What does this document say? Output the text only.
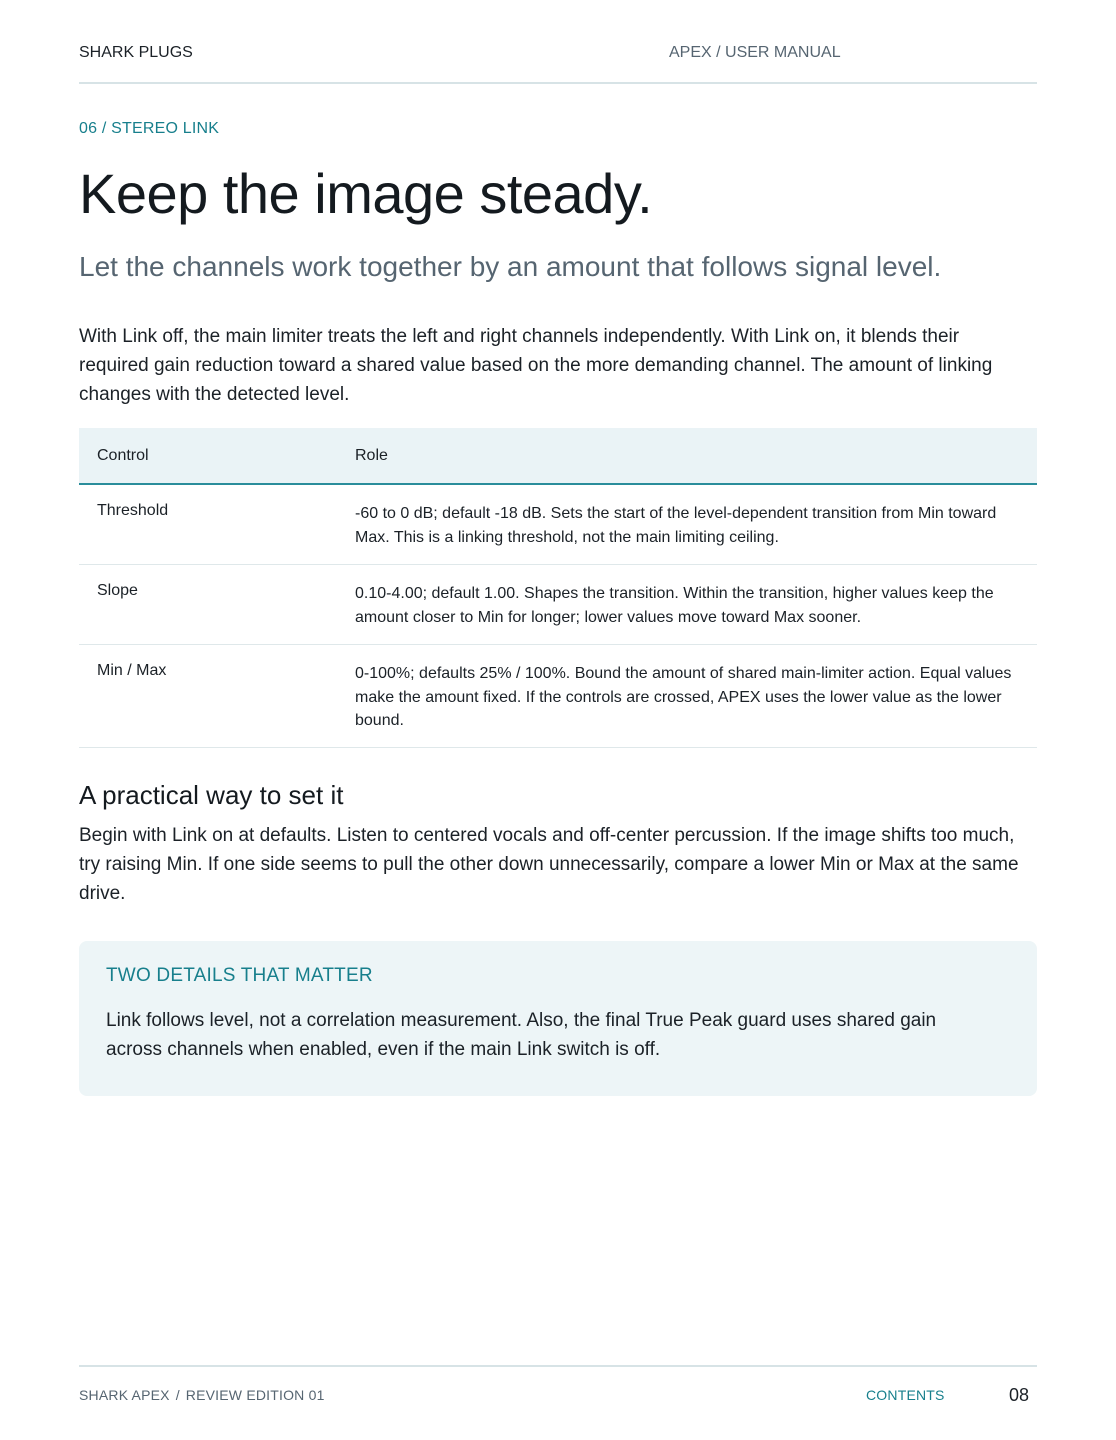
SHARK PLUGS	APEX / USER MANUAL
06 / STEREO LINK
Keep the image steady.
Let the channels work together by an amount that follows signal level.

With Link off, the main limiter treats the left and right channels independently. With Link on, it blends their required gain reduction toward a shared value based on the more demanding channel. The amount of linking changes with the detected level.

Control	Role
Threshold	-60 to 0 dB; default -18 dB. Sets the start of the level-dependent transition from Min toward Max. This is a linking threshold, not the main limiting ceiling.
Slope	0.10-4.00; default 1.00. Shapes the transition. Within the transition, higher values keep the amount closer to Min for longer; lower values move toward Max sooner.
Min / Max	0-100%; defaults 25% / 100%. Bound the amount of shared main-limiter action. Equal values make the amount fixed. If the controls are crossed, APEX uses the lower value as the lower bound.
A practical way to set it

Begin with Link on at defaults. Listen to centered vocals and off-center percussion. If the image shifts too much, try raising Min. If one side seems to pull the other down unnecessarily, compare a lower Min or Max at the same drive.

TWO DETAILS THAT MATTER

Link follows level, not a correlation measurement. Also, the final True Peak guard uses shared gain across channels when enabled, even if the main Link switch is off.

SHARK APEX / REVIEW EDITION 01	CONTENTS	08
